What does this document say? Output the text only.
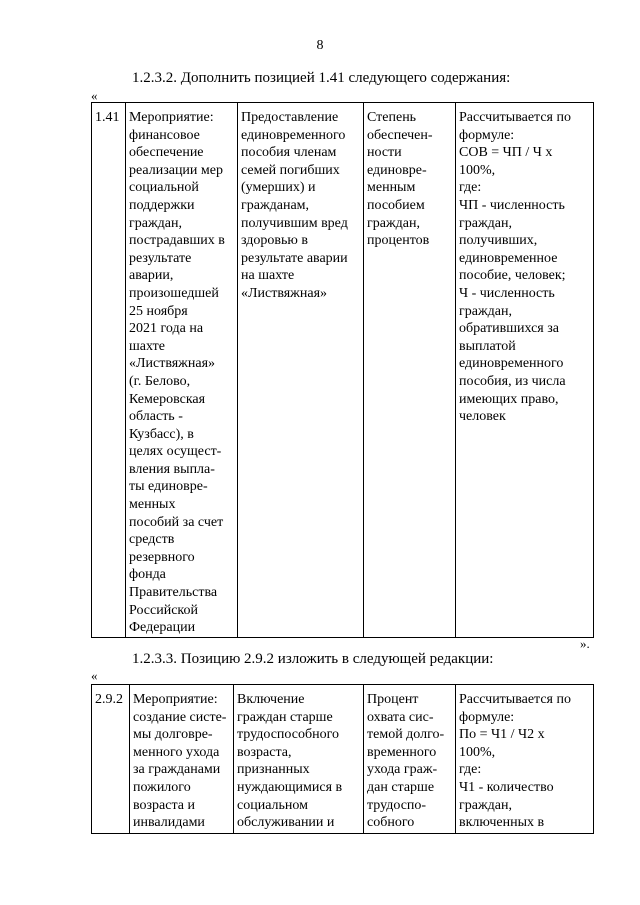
8
1.2.3.2. Дополнить позицией 1.41 следующего содержания:
«
1.41	Мероприятие:
финансовое
обеспечение
реализации мер
социальной
поддержки
граждан,
пострадавших в
результате
аварии,
произошедшей
25 ноября
2021 года на
шахте
«Листвяжная»
(г. Белово,
Кемеровская
область -
Кузбасс), в
целях осущест-
вления выпла-
ты единовре-
менных
пособий за счет
средств
резервного
фонда
Правительства
Российской
Федерации	Предоставление
единовременного
пособия членам
семей погибших
(умерших) и
гражданам,
получившим вред
здоровью в
результате аварии
на шахте
«Листвяжная»	Степень
обеспечен-
ности
единовре-
менным
пособием
граждан,
процентов	Рассчитывается по
формуле:
СОВ = ЧП / Ч х
100%,
где:
ЧП - численность
граждан,
получивших,
единовременное
пособие, человек;
Ч - численность
граждан,
обратившихся за
выплатой
единовременного
пособия, из числа
имеющих право,
человек
».
1.2.3.3. Позицию 2.9.2 изложить в следующей редакции:
«
2.9.2	Мероприятие:
создание систе-
мы долговре-
менного ухода
за гражданами
пожилого
возраста и
инвалидами	Включение
граждан старше
трудоспособного
возраста,
признанных
нуждающимися в
социальном
обслуживании и	Процент
охвата сис-
темой долго-
временного
ухода граж-
дан старше
трудоспо-
собного	Рассчитывается по
формуле:
По = Ч1 / Ч2 х
100%,
где:
Ч1 - количество
граждан,
включенных в
